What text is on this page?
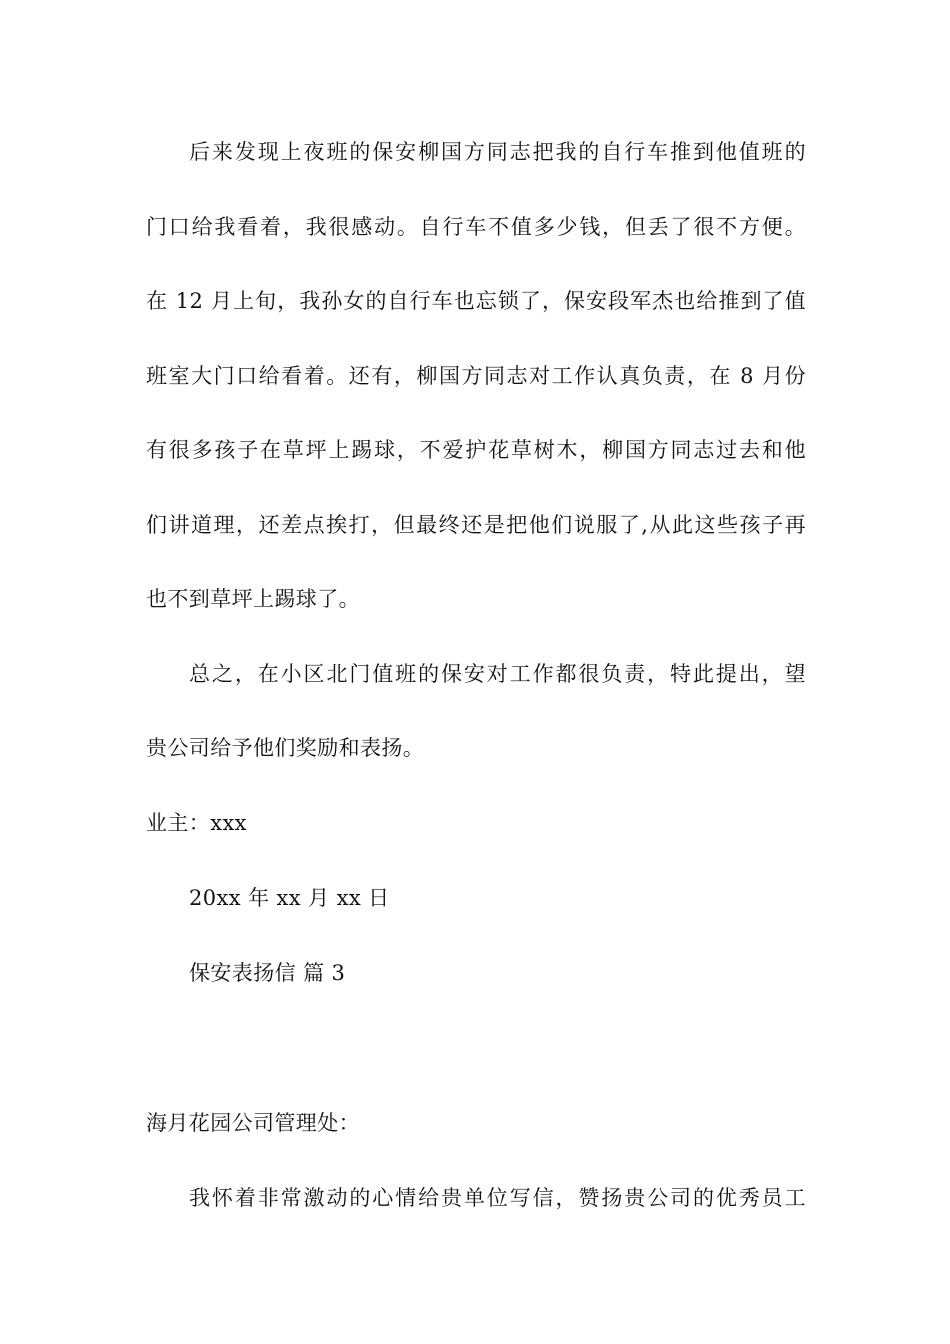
后来发现上夜班的保安柳国方同志把我的自行车推到他值班的
门口给我看着，我很感动。自行车不值多少钱，但丢了很不方便。
在 12 月上旬，我孙女的自行车也忘锁了，保安段军杰也给推到了值
班室大门口给看着。还有，柳国方同志对工作认真负责，在 8 月份
有很多孩子在草坪上踢球，不爱护花草树木，柳国方同志过去和他
们讲道理，还差点挨打，但最终还是把他们说服了,从此这些孩子再
也不到草坪上踢球了。
总之，在小区北门值班的保安对工作都很负责，特此提出，望
贵公司给予他们奖励和表扬。
业主：xxx
20xx 年 xx 月 xx 日
保安表扬信 篇 3
海月花园公司管理处：
我怀着非常激动的心情给贵单位写信，赞扬贵公司的优秀员工
